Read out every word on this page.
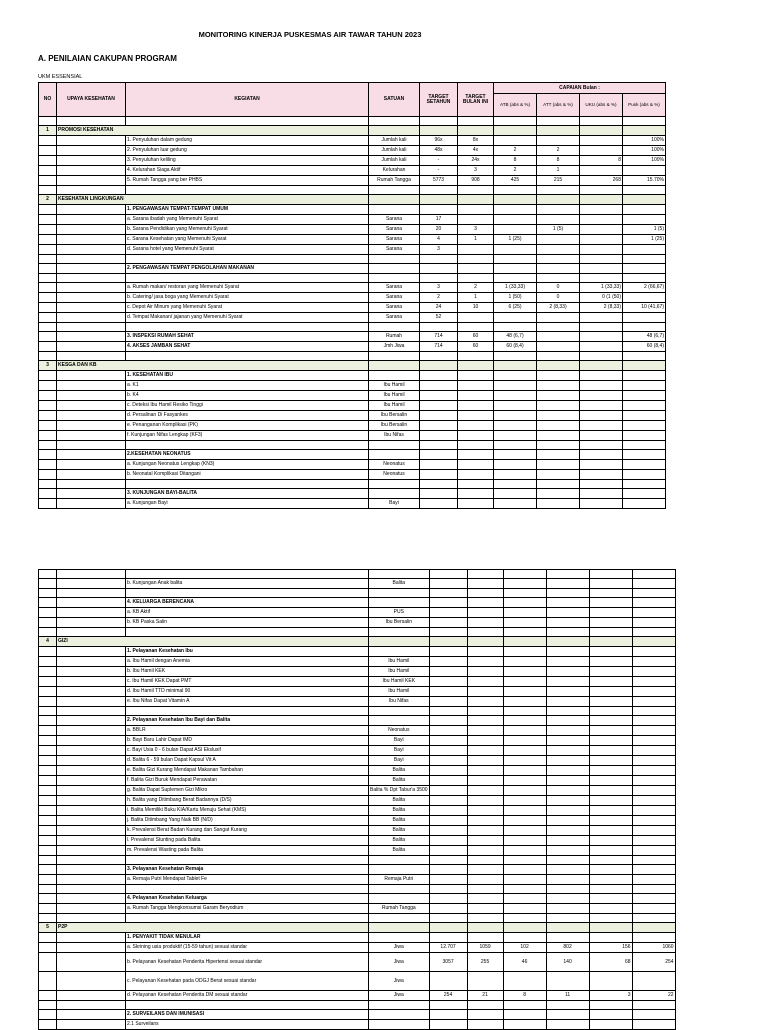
MONITORING KINERJA PUSKESMAS AIR TAWAR TAHUN 2023
A. PENILAIAN CAKUPAN PROGRAM
UKM ESSENSIAL
NO	UPAYA KESEHATAN	KEGIATAN	SATUAN	TARGET SETAHUN	TARGET BULAN INI	CAPAIAN Bulan :			
						ATB (abs & %)	ATT (abs & %)	UKU (abs & %)	Pusk (abs & %)

1	PROMOSI KESEHATAN								
		1. Penyuluhan dalam gedung	Jumlah kali	96x	8x				100%
		2. Penyuluhan luar gedung	Jumlah kali	48x	4x	2	2		100%
		3. Penyuluhan keliling	Jumlah kali	-	24x	8	8	8	100%
		4. Kelurahan Siaga Aktif	Kelurahan	-	3	2	1		
		5. Rumah Tangga yang ber PHBS	Rumah Tangga	5773	908	425	215	268	15.70%

2	KESEHATAN LINGKUNGAN								
		1. PENGAWASAN TEMPAT-TEMPAT UMUM							
		a. Sarana ibadah yang Memenuhi Syarat	Sarana	17					
		b. Sarana Pendidikan yang Memenuhi Syarat	Sarana	20	3		1 (5)		1 (5)
		c. Sarana Kesehatan yang Memenuhi Syarat	Sarana	4	1	1 (25)			1 (25)
		d. Sarana hotel yang Memenuhi Syarat	Sarana	3					

		2. PENGAWASAN TEMPAT PENGOLAHAN MAKANAN							

		a. Rumah makan/ restoran yang Memenuhi Syarat	Sarana	3	2	1 (33,33)	0	1 (33,33)	2 (66,67)
		b. Catering/ jasa boga yang Memenuhi Syarat	Sarana	2	1	1 (50)	0	0 (1 (50)	
		c. Depot Air Minum yang Memenuhi Syarat	Sarana	24	10	6 (25)	2 (8,33)	2 (8,33)	10 (41,67)
		d. Tempat Makanan/ jajanan yang Memenuhi Syarat	Sarana	52					

		3. INSPEKSI RUMAH SEHAT	Rumah	714	60	48 (6,7)			48 (6,7)
		4. AKSES JAMBAN SEHAT	Jmh Jiwa	714	60	60 (8,4)			60 (8,4)

3	KESGA DAN KB								
		1. KESEHATAN IBU							
		a. K1	Ibu Hamil						
		b. K4	Ibu Hamil						
		c. Deteksi Ibu Hamil Resiko Tinggi	Ibu Hamil						
		d. Persalinan Di Fasyankes	Ibu Bersalin						
		e. Penanganan Komplikasi (PK)	Ibu Bersalin						
		f. Kunjungan Nifas Lengkap (KF3)	Ibu Nifas						

		2.KESEHATAN NEONATUS							
		a. Kunjungan Neonatus Lengkap (KN3)	Neonatus						
		b. Neonatal Komplikasi Ditangani	Neonatus						

		3. KUNJUNGAN BAYI-BALITA							
		a. Kunjungan Bayi	Bayi						

		b. Kunjungan Anak balita	Balita						

		4. KELUARGA BERENCANA							
		a. KB Aktif	PUS						
		b. KB Paska Salin	Ibu Bersalin						

4	GIZI								
		1. Pelayanan Kesehatan Ibu							
		a. Ibu Hamil dengan Anemia	Ibu Hamil						
		b. Ibu Hamil KEK	Ibu Hamil						
		c. Ibu Hamil KEK Dapat PMT	Ibu Hamil KEK						
		d. Ibu Hamil TTD minimal 90	Ibu Hamil						
		e. Ibu Nifas Dapat Vitamin A	Ibu Nifas						

		2. Pelayanan Kesehatan Ibu Bayi dan Balita							
		a. BBLR	Neonatus						
		b. Bayi Baru Lahir Dapat IMD	Bayi						
		c. Bayi Usia 0 - 6 bulan Dapat ASI Ekslusif	Bayi						
		d. Balita 6 - 59 bulan Dapat Kapsul Vit A	Bayi						
		e. Balita Gizi Kurang Mendapat Makanan Tambahan	Balita						
		f. Balita Gizi Buruk Mendapat Perawatan	Balita						
		g. Balita Dapat Suplemen Gizi Mikro	Balita % Dpt Tabur'a 3500						
		h. Balita yang Ditimbang Berat Badannya (D/S)	Balita						
		i. Balita Memiliki Buku KIA/Kartu Menuju Sehat (KMS)	Balita						
		j. Balita Ditimbang Yang Naik BB (N/D)	Balita						
		k. Prevalensi Berat Badan Kurang dan Sangat Kurang	Balita						
		l. Prevalensi Stunting pada Balita	Balita						
		m. Prevalensi Wasting pada Balita	Balita						

		3. Pelayanan Kesehatan Remaja							
		a. Remaja Putri Mendapat Tablet Fe	Remaja Putri						

		4. Pelayanan Kesehatan Keluarga							
		a. Rumah Tangga Mengkonsumsi Garam Beryodium	Rumah Tangga						

5	P2P								
		1. PENYAKIT TIDAK MENULAR							
		a. Skrining usia produktif (15-59 tahun) sesuai standar	Jiwa	12.707	1059	102	802	156	1060
		b. Pelayanan Kesehatan Penderita Hipertensi sesuai standar	Jiwa	3057	255	46	140	68	254
		c. Pelayanan Kesehatan pada ODGJ Berat sesuai standar	Jiwa						
		d. Pelayanan Kesehatan Penderita DM sesuai standar	Jiwa	254	21	8	11	3	22

		2. SURVEILANS DAN IMUNISASI							
		2.1 Surveilans							
